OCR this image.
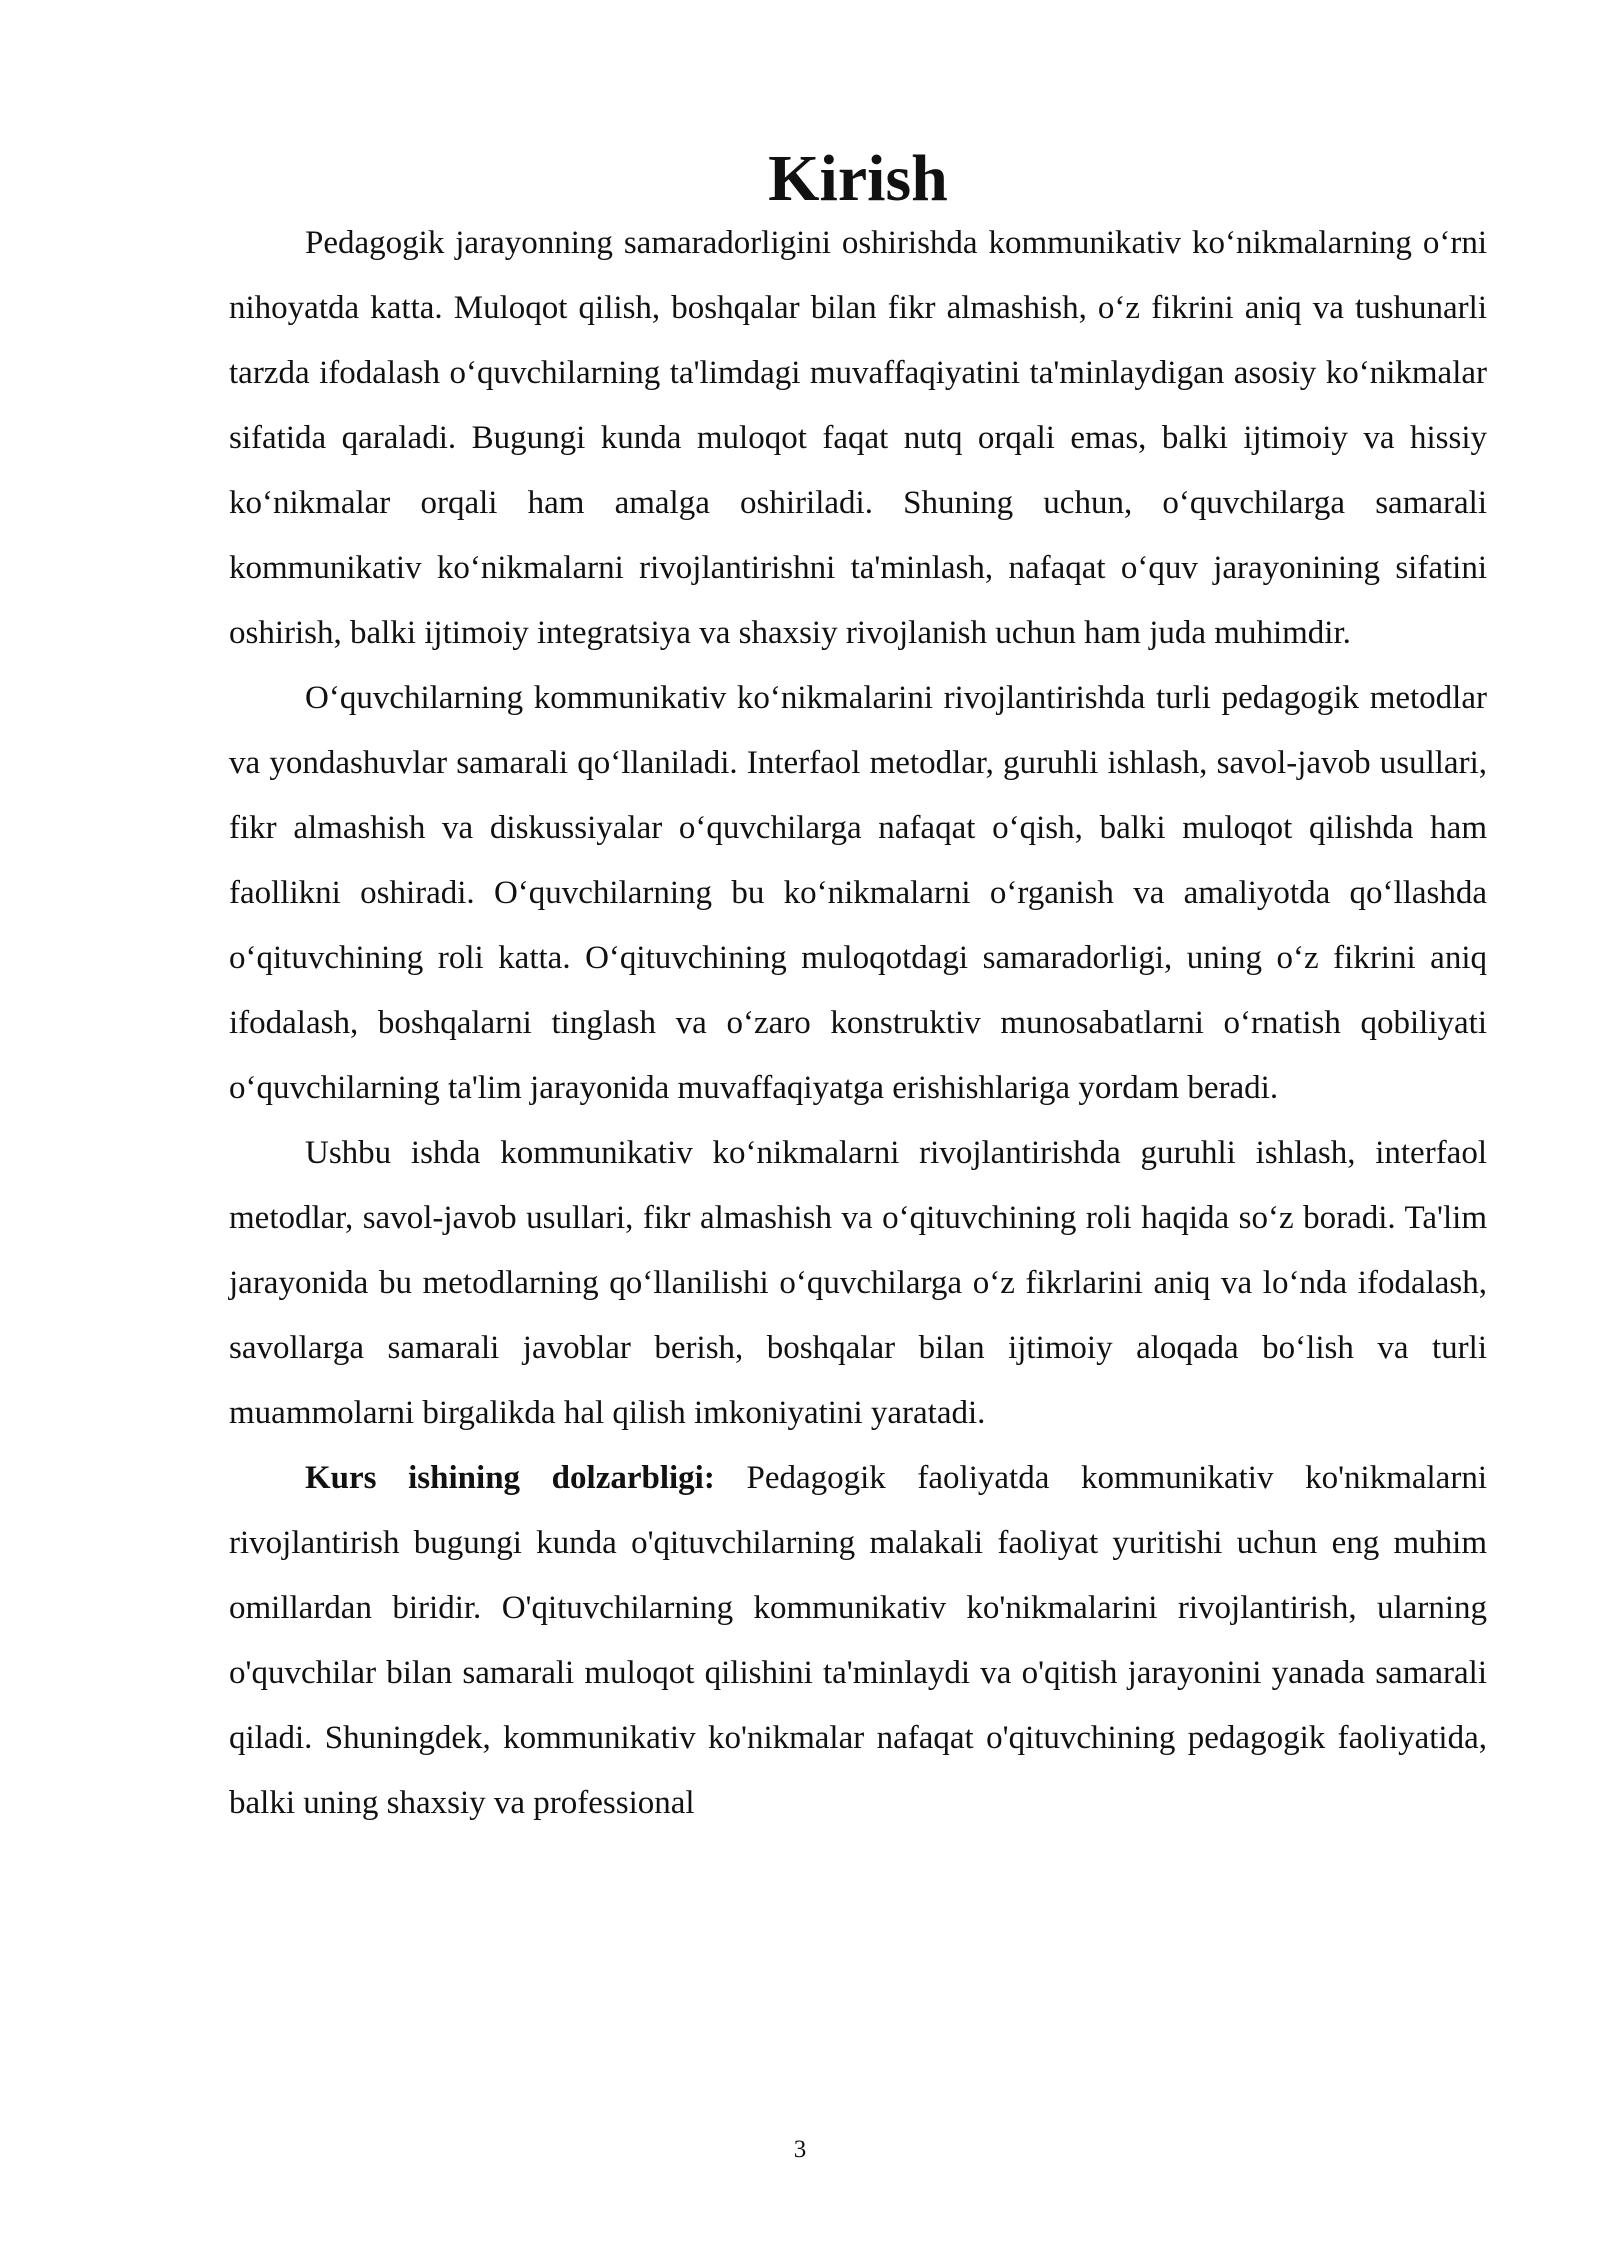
Kirish

Pedagogik jarayonning samaradorligini oshirishda kommunikativ ko‘nikmalarning o‘rni nihoyatda katta. Muloqot qilish, boshqalar bilan fikr almashish, o‘z fikrini aniq va tushunarli tarzda ifodalash o‘quvchilarning ta'limdagi muvaffaqiyatini ta'minlaydigan asosiy ko‘nikmalar sifatida qaraladi. Bugungi kunda muloqot faqat nutq orqali emas, balki ijtimoiy va hissiy ko‘nikmalar orqali ham amalga oshiriladi. Shuning uchun, o‘quvchilarga samarali kommunikativ ko‘nikmalarni rivojlantirishni ta'minlash, nafaqat o‘quv jarayonining sifatini oshirish, balki ijtimoiy integratsiya va shaxsiy rivojlanish uchun ham juda muhimdir.

O‘quvchilarning kommunikativ ko‘nikmalarini rivojlantirishda turli pedagogik metodlar va yondashuvlar samarali qo‘llaniladi. Interfaol metodlar, guruhli ishlash, savol-javob usullari, fikr almashish va diskussiyalar o‘quvchilarga nafaqat o‘qish, balki muloqot qilishda ham faollikni oshiradi. O‘quvchilarning bu ko‘nikmalarni o‘rganish va amaliyotda qo‘llashda o‘qituvchining roli katta. O‘qituvchining muloqotdagi samaradorligi, uning o‘z fikrini aniq ifodalash, boshqalarni tinglash va o‘zaro konstruktiv munosabatlarni o‘rnatish qobiliyati o‘quvchilarning ta'lim jarayonida muvaffaqiyatga erishishlariga yordam beradi.

Ushbu ishda kommunikativ ko‘nikmalarni rivojlantirishda guruhli ishlash, interfaol metodlar, savol-javob usullari, fikr almashish va o‘qituvchining roli haqida so‘z boradi. Ta'lim jarayonida bu metodlarning qo‘llanilishi o‘quvchilarga o‘z fikrlarini aniq va lo‘nda ifodalash, savollarga samarali javoblar berish, boshqalar bilan ijtimoiy aloqada bo‘lish va turli muammolarni birgalikda hal qilish imkoniyatini yaratadi.

Kurs ishining dolzarbligi: Pedagogik faoliyatda kommunikativ ko'nikmalarni rivojlantirish bugungi kunda o'qituvchilarning malakali faoliyat yuritishi uchun eng muhim omillardan biridir. O'qituvchilarning kommunikativ ko'nikmalarini rivojlantirish, ularning o'quvchilar bilan samarali muloqot qilishini ta'minlaydi va o'qitish jarayonini yanada samarali qiladi. Shuningdek, kommunikativ ko'nikmalar nafaqat o'qituvchining pedagogik faoliyatida, balki uning shaxsiy va professional

3
